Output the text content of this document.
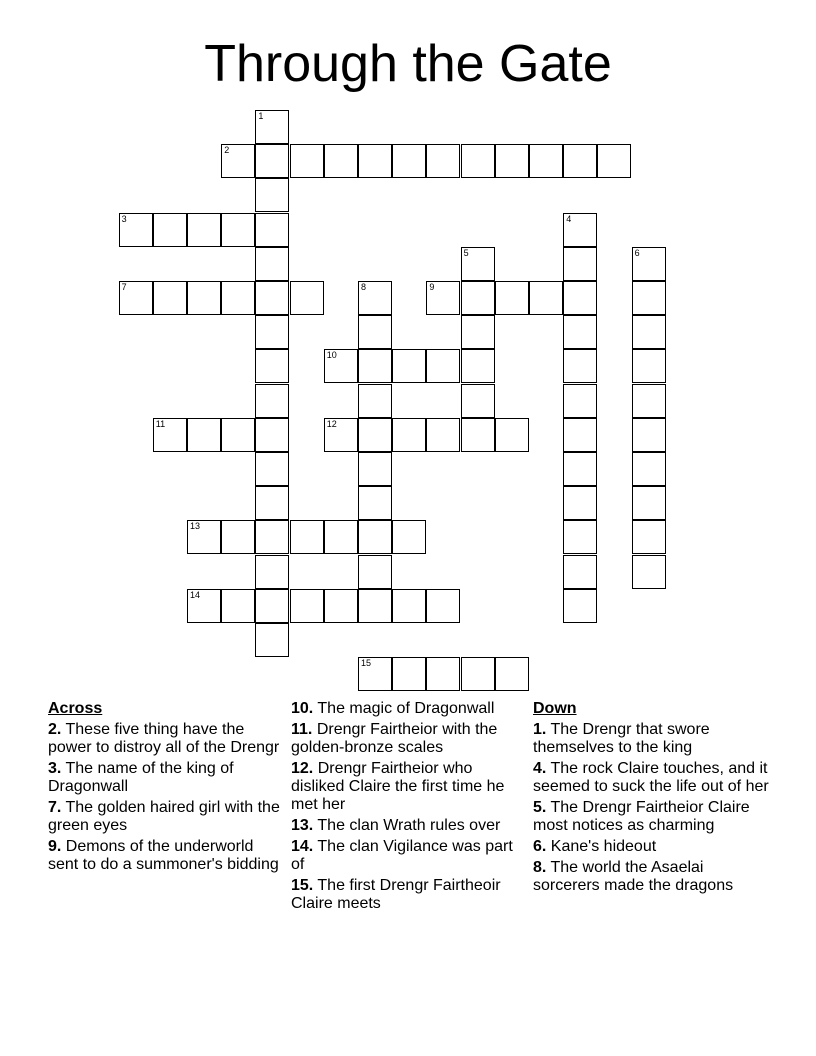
Through the Gate
1
2
3	4
5	6
7	8	9
10
11	12
13
14
15
Across
2. These five thing have the power to distroy all of the Drengr
3. The name of the king of Dragonwall
7. The golden haired girl with the green eyes
9. Demons of the underworld sent to do a summoner's bidding
10. The magic of Dragonwall
11. Drengr Fairtheior with the golden-bronze scales
12. Drengr Fairtheior who disliked Claire the first time he met her
13. The clan Wrath rules over
14. The clan Vigilance was part of
15. The first Drengr Fairtheoir Claire meets
Down
1. The Drengr that swore themselves to the king
4. The rock Claire touches, and it seemed to suck the life out of her
5. The Drengr Fairtheior Claire most notices as charming
6. Kane's hideout
8. The world the Asaelai sorcerers made the dragons
